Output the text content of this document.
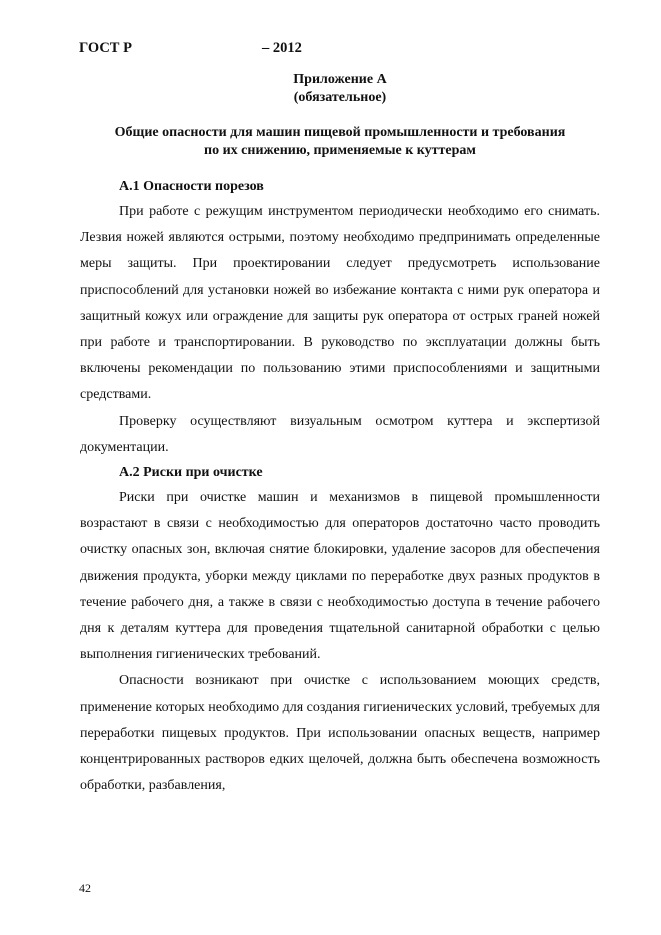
ГОСТ Р	– 2012
Приложение А
(обязательное)
Общие опасности для машин пищевой промышленности и требования
по их снижению, применяемые к куттерам
А.1 Опасности порезов

При работе с режущим инструментом периодически необходимо его снимать. Лезвия ножей являются острыми, поэтому необходимо предпринимать определенные меры защиты. При проектировании следует предусмотреть использование приспособлений для установки ножей во избежание контакта с ними рук оператора и защитный кожух или ограждение для защиты рук оператора от острых граней ножей при работе и транспортировании. В руководство по эксплуатации должны быть включены рекомендации по пользованию этими приспособлениями и защитными средствами.

Проверку осуществляют визуальным осмотром куттера и экспертизой документации.

А.2 Риски при очистке

Риски при очистке машин и механизмов в пищевой промышленности возрастают в связи с необходимостью для операторов достаточно часто проводить очистку опасных зон, включая снятие блокировки, удаление засоров для обеспечения движения продукта, уборки между циклами по переработке двух разных продуктов в течение рабочего дня, а также в связи с необходимостью доступа в течение рабочего дня к деталям куттера для проведения тщательной санитарной обработки с целью выполнения гигиенических требований.

Опасности возникают при очистке с использованием моющих средств, применение которых необходимо для создания гигиенических условий, требуемых для переработки пищевых продуктов. При использовании опасных веществ, например концентрированных растворов едких щелочей, должна быть обеспечена возможность обработки, разбавления,

42
